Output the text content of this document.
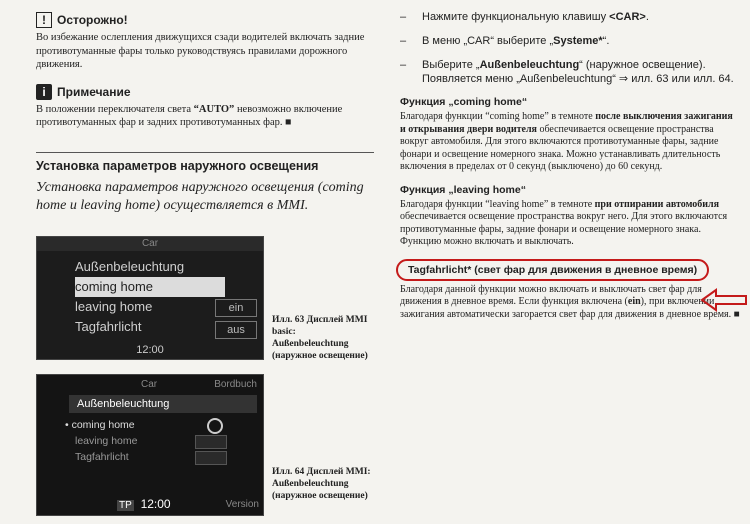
! Осторожно!
Во избежание ослепления движущихся сзади водителей включать задние противотуманные фары только руководствуясь правилами дорожного движения.
i Примечание
В положении переключателя света “AUTO” невозможно включение противотуманных фар и задних противотуманных фар. ■
Установка параметров наружного освещения
Установка параметров наружного освещения (coming home и leaving home) осуществляется в MMI.
Car
Außenbeleuchtung
coming home
leaving home
Tagfahrlicht
ein
aus
12:00
Илл. 63 Дисплей MMI basic: Außenbeleuchtung (наружное освещение)
Car	Bordbuch
Außenbeleuchtung
• coming home
leaving home
Tagfahrlicht
TP 12:00	Version
Илл. 64 Дисплей MMI: Außenbeleuchtung (наружное освещение)
– Нажмите функциональную клавишу <CAR>.
– В меню „CAR“ выберите „Systeme*“.
– Выберите „Außenbeleuchtung“ (наружное освещение). Появляется меню „Außenbeleuchtung“ ⇒ илл. 63 или илл. 64.
Функция „coming home“
Благодаря функции “coming home” в темноте после выключения зажигания и открывания двери водителя обеспечивается освещение пространства вокруг автомобиля. Для этого включаются противотуманные фары, задние фонари и освещение номерного знака. Можно устанавливать длительность включения в пределах от 0 секунд (выключено) до 60 секунд.
Функция „leaving home“
Благодаря функции “leaving home” в темноте при отпирании автомобиля обеспечивается освещение пространства вокруг него. Для этого включаются противотуманные фары, задние фонари и освещение номерного знака. Функцию можно включать и выключать.
Tagfahrlicht* (свет фар для движения в дневное время)
Благодаря данной функции можно включать и выключать свет фар для движения в дневное время. Если функция включена (ein), при включении зажигания автоматически загорается свет фар для движения в дневное время. ■
